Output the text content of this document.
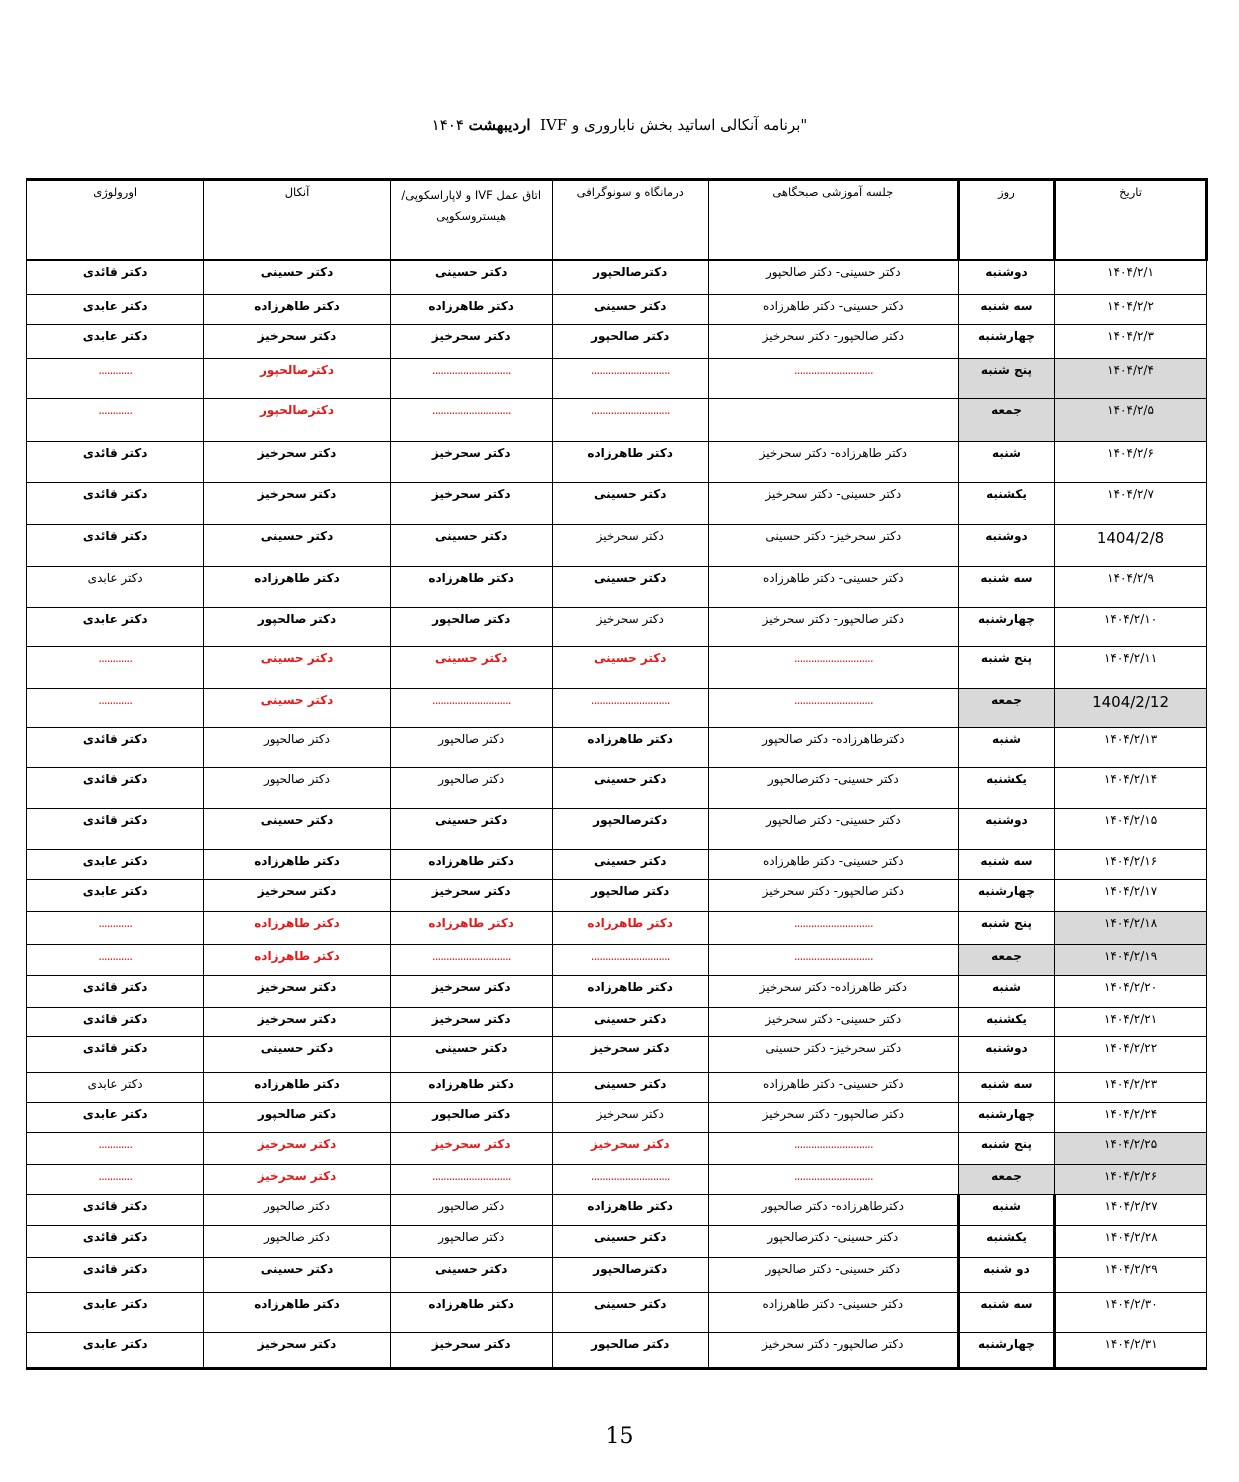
"برنامه آنکالی اساتید بخش ناباروری و IVF  اردیبهشت ۱۴۰۴
تاریخ	روز	جلسه آموزشی صبحگاهی	درمانگاه و سونوگرافی	اتاق عمل IVF و لاپاراسکوپی/ هیستروسکوپی	آنکال	اورولوژی
۱۴۰۴/۲/۱	دوشنبه	دکتر حسینی- دکتر صالحپور	دکترصالحپور	دکتر حسینی	دکتر حسینی	دکتر قائدی
۱۴۰۴/۲/۲	سه شنبه	دکتر حسینی- دکتر طاهرزاده	دکتر حسینی	دکتر طاهرزاده	دکتر طاهرزاده	دکتر عابدی
۱۴۰۴/۲/۳	چهارشنبه	دکتر صالحپور- دکتر سحرخیز	دکتر صالحپور	دکتر سحرخیز	دکتر سحرخیز	دکتر عابدی
۱۴۰۴/۲/۴	پنج شنبه	............................	............................	............................	دکترصالحپور	............
۱۴۰۴/۲/۵	جمعه		............................	............................	دکترصالحپور	............
۱۴۰۴/۲/۶	شنبه	دکتر طاهرزاده- دکتر سحرخیز	دکتر طاهرزاده	دکتر سحرخیز	دکتر سحرخیز	دکتر قائدی
۱۴۰۴/۲/۷	یکشنبه	دکتر حسینی- دکتر سحرخیز	دکتر حسینی	دکتر سحرخیز	دکتر سحرخیز	دکتر قائدی
1404/2/8	دوشنبه	دکتر سحرخیز- دکتر حسینی	دکتر سحرخیز	دکتر حسینی	دکتر حسینی	دکتر قائدی
۱۴۰۴/۲/۹	سه شنبه	دکتر حسینی- دکتر طاهرزاده	دکتر حسینی	دکتر طاهرزاده	دکتر طاهرزاده	دکتر عابدی
۱۴۰۴/۲/۱۰	چهارشنبه	دکتر صالحپور- دکتر سحرخیز	دکتر سحرخیز	دکتر صالحپور	دکتر صالحپور	دکتر عابدی
۱۴۰۴/۲/۱۱	پنج شنبه	............................	دکتر حسینی	دکتر حسینی	دکتر حسینی	............
1404/2/12	جمعه	............................	............................	............................	دکتر حسینی	............
۱۴۰۴/۲/۱۳	شنبه	دکترطاهرزاده- دکتر صالحپور	دکتر طاهرزاده	دکتر صالحپور	دکتر صالحپور	دکتر قائدی
۱۴۰۴/۲/۱۴	یکشنبه	دکتر حسینی- دکترصالحپور	دکتر حسینی	دکتر صالحپور	دکتر صالحپور	دکتر قائدی
۱۴۰۴/۲/۱۵	دوشنبه	دکتر حسینی- دکتر صالحپور	دکترصالحپور	دکتر حسینی	دکتر حسینی	دکتر قائدی
۱۴۰۴/۲/۱۶	سه شنبه	دکتر حسینی- دکتر طاهرزاده	دکتر حسینی	دکتر طاهرزاده	دکتر طاهرزاده	دکتر عابدی
۱۴۰۴/۲/۱۷	چهارشنبه	دکتر صالحپور- دکتر سحرخیز	دکتر صالحپور	دکتر سحرخیز	دکتر سحرخیز	دکتر عابدی
۱۴۰۴/۲/۱۸	پنج شنبه	............................	دکتر طاهرزاده	دکتر طاهرزاده	دکتر طاهرزاده	............
۱۴۰۴/۲/۱۹	جمعه	............................	............................	............................	دکتر طاهرزاده	............
۱۴۰۴/۲/۲۰	شنبه	دکتر طاهرزاده- دکتر سحرخیز	دکتر طاهرزاده	دکتر سحرخیز	دکتر سحرخیز	دکتر قائدی
۱۴۰۴/۲/۲۱	یکشنبه	دکتر حسینی- دکتر سحرخیز	دکتر حسینی	دکتر سحرخیز	دکتر سحرخیز	دکتر قائدی
۱۴۰۴/۲/۲۲	دوشنبه	دکتر سحرخیز- دکتر حسینی	دکتر سحرخیز	دکتر حسینی	دکتر حسینی	دکتر قائدی
۱۴۰۴/۲/۲۳	سه شنبه	دکتر حسینی- دکتر طاهرزاده	دکتر حسینی	دکتر طاهرزاده	دکتر طاهرزاده	دکتر عابدی
۱۴۰۴/۲/۲۴	چهارشنبه	دکتر صالحپور- دکتر سحرخیز	دکتر سحرخیز	دکتر صالحپور	دکتر صالحپور	دکتر عابدی
۱۴۰۴/۲/۲۵	پنج شنبه	............................	دکتر سحرخیز	دکتر سحرخیز	دکتر سحرخیز	............
۱۴۰۴/۲/۲۶	جمعه	............................	............................	............................	دکتر سحرخیز	............
۱۴۰۴/۲/۲۷	شنبه	دکترطاهرزاده- دکتر صالحپور	دکتر طاهرزاده	دکتر صالحپور	دکتر صالحپور	دکتر قائدی
۱۴۰۴/۲/۲۸	یکشنبه	دکتر حسینی- دکترصالحپور	دکتر حسینی	دکتر صالحپور	دکتر صالحپور	دکتر قائدی
۱۴۰۴/۲/۲۹	دو شنبه	دکتر حسینی- دکتر صالحپور	دکترصالحپور	دکتر حسینی	دکتر حسینی	دکتر قائدی
۱۴۰۴/۲/۳۰	سه شنبه	دکتر حسینی- دکتر طاهرزاده	دکتر حسینی	دکتر طاهرزاده	دکتر طاهرزاده	دکتر عابدی
۱۴۰۴/۲/۳۱	چهارشنبه	دکتر صالحپور- دکتر سحرخیز	دکتر صالحپور	دکتر سحرخیز	دکتر سحرخیز	دکتر عابدی
15
